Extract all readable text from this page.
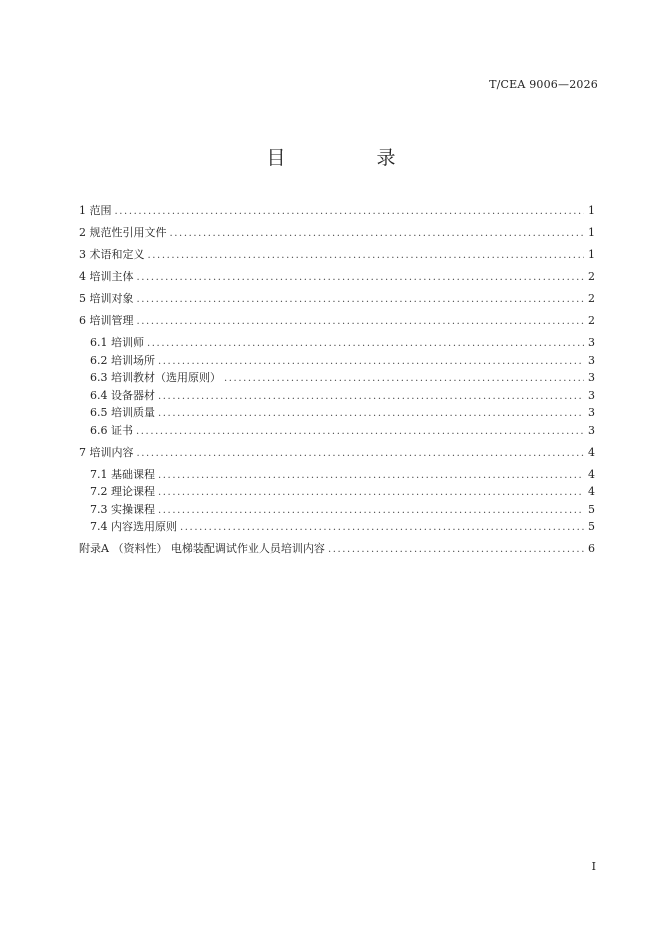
T/CEA 9006—2026
目　录
1 范围 .....	1
2 规范性引用文件 .....	1
3 术语和定义 .....	1
4 培训主体 .....	2
5 培训对象 .....	2
6 培训管理 .....	2
6.1 培训师 .....	3
6.2 培训场所 .....	3
6.3 培训教材（选用原则） .....	3
6.4 设备器材 .....	3
6.5 培训质量 .....	3
6.6 证书 .....	3
7 培训内容 .....	4
7.1 基础课程 .....	4
7.2 理论课程 .....	4
7.3 实操课程 .....	5
7.4 内容选用原则 .....	5
附录A （资料性） 电梯装配调试作业人员培训内容 .....	6
I
